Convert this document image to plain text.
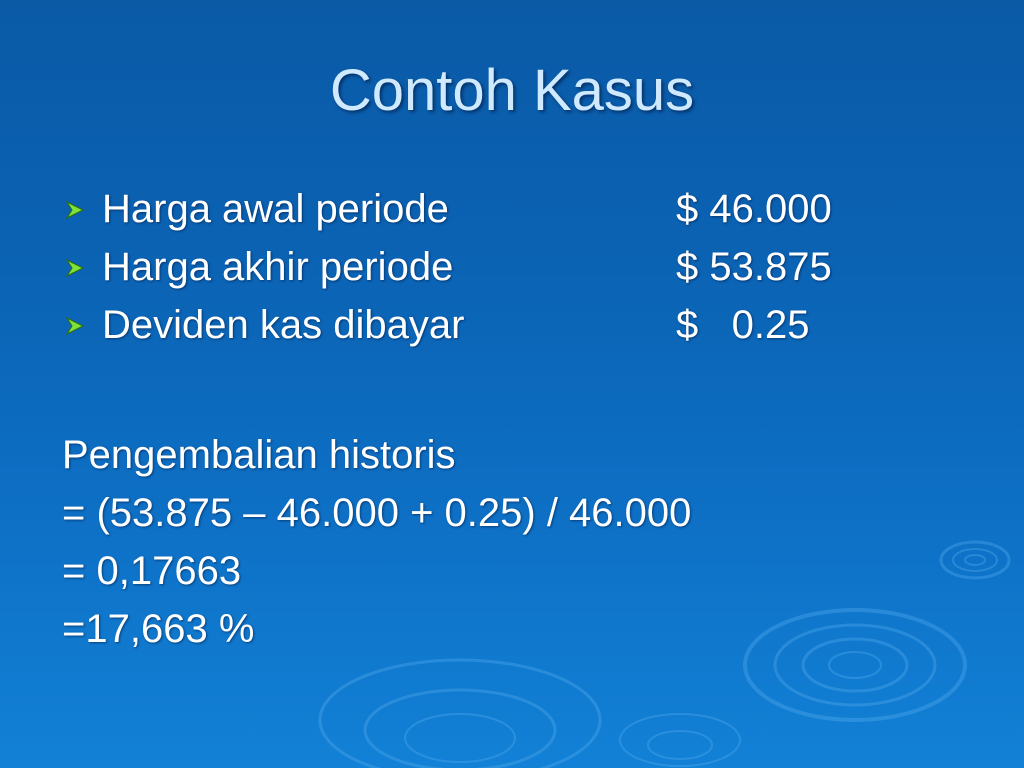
Contoh Kasus
Harga awal periode	$ 46.000
Harga akhir periode	$ 53.875
Deviden kas dibayar	$   0.25
Pengembalian historis
= (53.875 – 46.000 + 0.25) / 46.000
= 0,17663
=17,663 %
